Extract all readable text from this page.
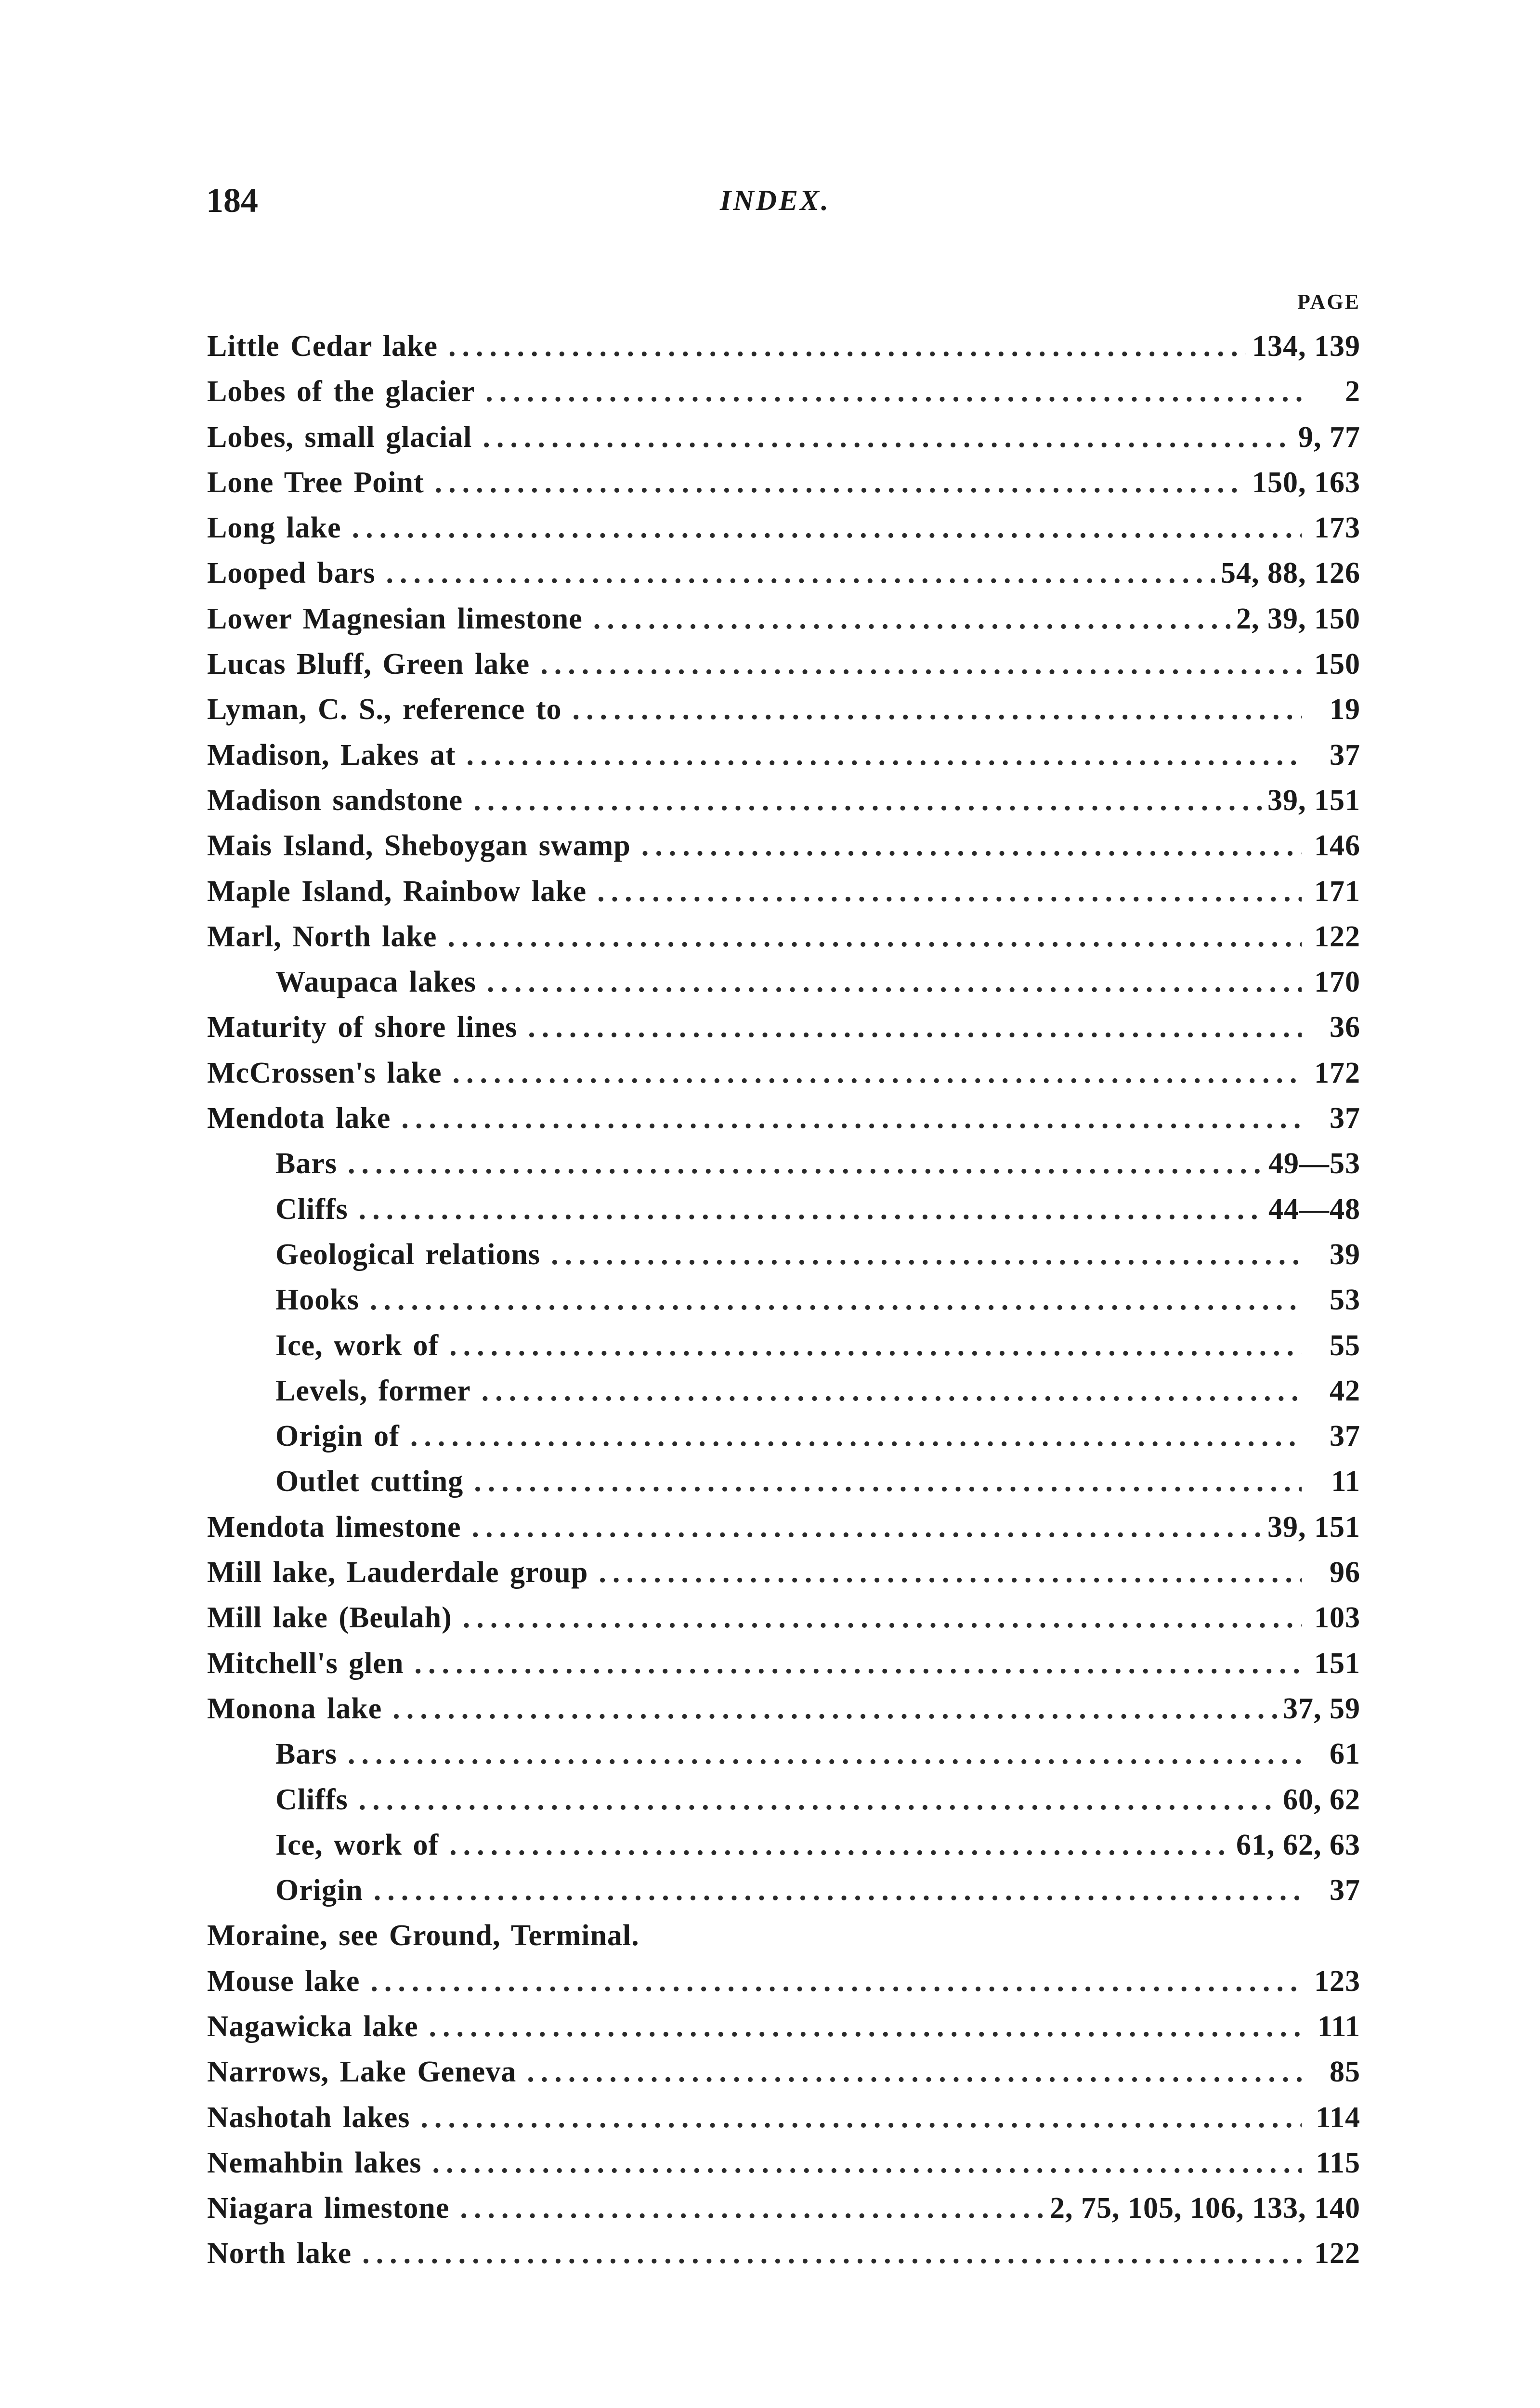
184	INDEX.
PAGE
Little Cedar lake .....	134, 139
Lobes of the glacier .....	2
Lobes, small glacial .....	9, 77
Lone Tree Point .....	150, 163
Long lake .....	173
Looped bars .....	54, 88, 126
Lower Magnesian limestone .....	2, 39, 150
Lucas Bluff, Green lake .....	150
Lyman, C. S., reference to .....	19
Madison, Lakes at .....	37
Madison sandstone .....	39, 151
Mais Island, Sheboygan swamp .....	146
Maple Island, Rainbow lake .....	171
Marl, North lake .....	122
Waupaca lakes .....	170
Maturity of shore lines .....	36
McCrossen's lake .....	172
Mendota lake .....	37
Bars .....	49—53
Cliffs .....	44—48
Geological relations .....	39
Hooks .....	53
Ice, work of .....	55
Levels, former .....	42
Origin of .....	37
Outlet cutting .....	11
Mendota limestone .....	39, 151
Mill lake, Lauderdale group .....	96
Mill lake (Beulah) .....	103
Mitchell's glen .....	151
Monona lake .....	37, 59
Bars .....	61
Cliffs .....	60, 62
Ice, work of .....	61, 62, 63
Origin .....	37
Moraine, see Ground, Terminal.
Mouse lake .....	123
Nagawicka lake .....	111
Narrows, Lake Geneva .....	85
Nashotah lakes .....	114
Nemahbin lakes .....	115
Niagara limestone .....	2, 75, 105, 106, 133, 140
North lake .....	122
